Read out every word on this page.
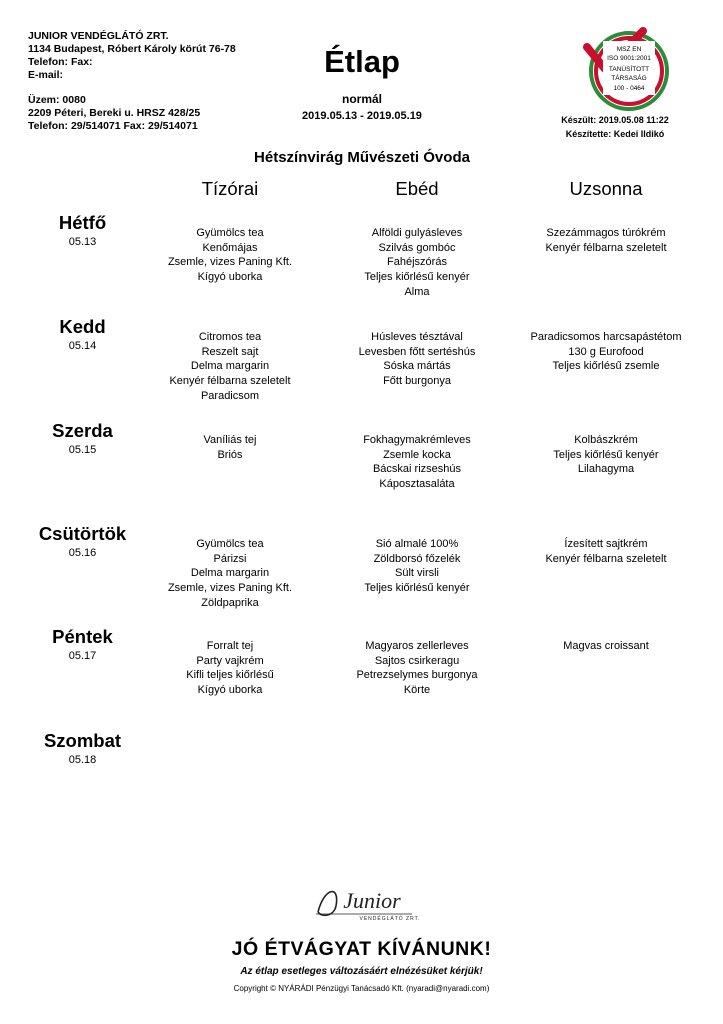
JUNIOR VENDÉGLÁTÓ ZRT.
1134 Budapest, Róbert Károly körút 76-78
Telefon: Fax:
E-mail:
Üzem: 0080
2209 Péteri, Bereki u. HRSZ 428/25
Telefon: 29/514071 Fax: 29/514071
Étlap
normál
2019.05.13 - 2019.05.19
MSZ EN
ISO 9001:2001
TANÚSÍTOTT
TÁRSASÁG
100 - 0464
Készült: 2019.05.08 11:22
Készítette: Kedei Ildikó
Hétszínvirág Művészeti Óvoda
Tízórai	Ebéd	Uzsonna
Hétfő
05.13
Gyümölcs tea
Kenőmájas
Zsemle, vizes Paning Kft.
Kígyó uborka
Alföldi gulyásleves
Szilvás gombóc
Fahéjszórás
Teljes kiőrlésű kenyér
Alma
Szezámmagos túrókrém
Kenyér félbarna szeletelt
Kedd
05.14
Citromos tea
Reszelt sajt
Delma margarin
Kenyér félbarna szeletelt
Paradicsom
Húsleves tésztával
Levesben főtt sertéshús
Sóska mártás
Főtt burgonya
Paradicsomos harcsapástétom
130 g Eurofood
Teljes kiőrlésű zsemle
Szerda
05.15
Vaníliás tej
Briós
Fokhagymakrémleves
Zsemle kocka
Bácskai rizseshús
Káposztasaláta
Kolbászkrém
Teljes kiőrlésű kenyér
Lilahagyma
Csütörtök
05.16
Gyümölcs tea
Párizsi
Delma margarin
Zsemle, vizes Paning Kft.
Zöldpaprika
Sió almalé 100%
Zöldborsó főzelék
Sült virsli
Teljes kiőrlésű kenyér
Ízesített sajtkrém
Kenyér félbarna szeletelt
Péntek
05.17
Forralt tej
Party vajkrém
Kifli teljes kiőrlésű
Kígyó uborka
Magyaros zellerleves
Sajtos csirkeragu
Petrezselymes burgonya
Körte
Magvas croissant
Szombat
05.18
Junior
VENDÉGLÁTÓ ZRT.
JÓ ÉTVÁGYAT KÍVÁNUNK!
Az étlap esetleges változásáért elnézésüket kérjük!
Copyright © NYÁRÁDI Pénzügyi Tanácsadó Kft. (nyaradi@nyaradi.com)
